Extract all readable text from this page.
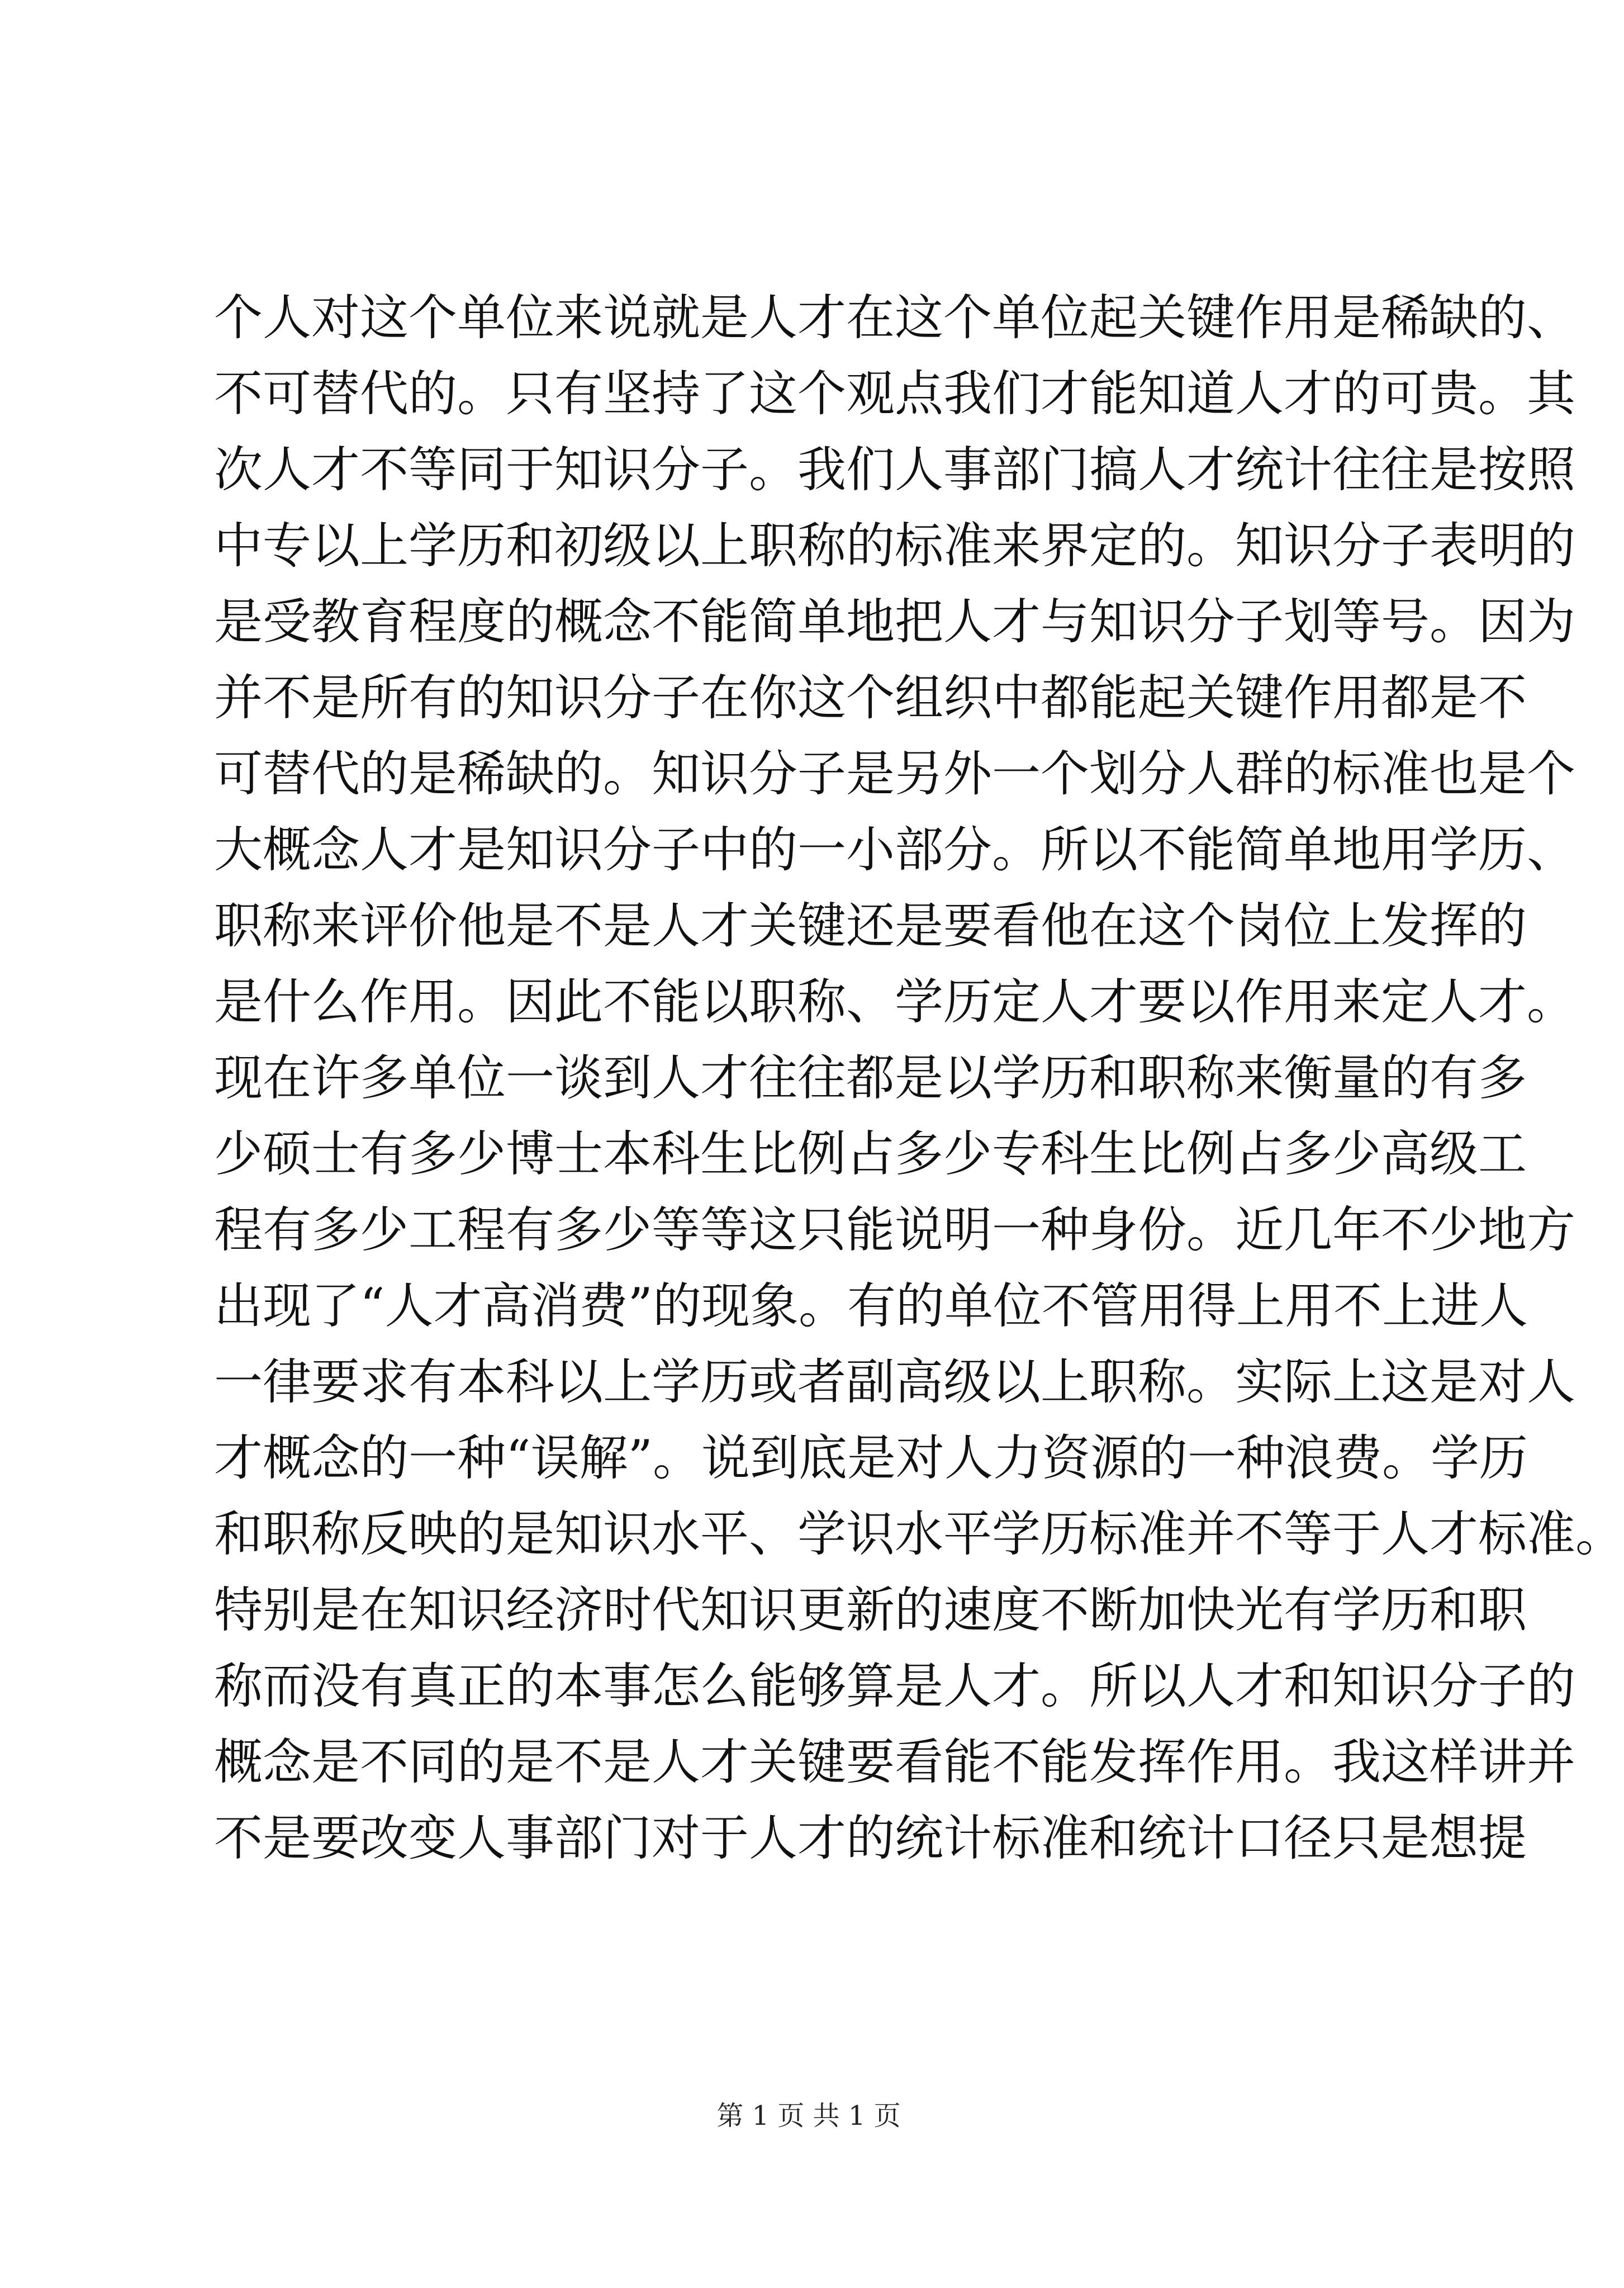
个人对这个单位来说就是人才在这个单位起关键作用是稀缺的、
不可替代的。只有坚持了这个观点我们才能知道人才的可贵。其
次人才不等同于知识分子。我们人事部门搞人才统计往往是按照
中专以上学历和初级以上职称的标准来界定的。知识分子表明的
是受教育程度的概念不能简单地把人才与知识分子划等号。因为
并不是所有的知识分子在你这个组织中都能起关键作用都是不
可替代的是稀缺的。知识分子是另外一个划分人群的标准也是个
大概念人才是知识分子中的一小部分。所以不能简单地用学历、
职称来评价他是不是人才关键还是要看他在这个岗位上发挥的
是什么作用。因此不能以职称、学历定人才要以作用来定人才。
现在许多单位一谈到人才往往都是以学历和职称来衡量的有多
少硕士有多少博士本科生比例占多少专科生比例占多少高级工
程有多少工程有多少等等这只能说明一种身份。近几年不少地方
出现了“人才高消费”的现象。有的单位不管用得上用不上进人
一律要求有本科以上学历或者副高级以上职称。实际上这是对人
才概念的一种“误解”。说到底是对人力资源的一种浪费。学历
和职称反映的是知识水平、学识水平学历标准并不等于人才标准。
特别是在知识经济时代知识更新的速度不断加快光有学历和职
称而没有真正的本事怎么能够算是人才。所以人才和知识分子的
概念是不同的是不是人才关键要看能不能发挥作用。我这样讲并
不是要改变人事部门对于人才的统计标准和统计口径只是想提
第 1 页 共 1 页
